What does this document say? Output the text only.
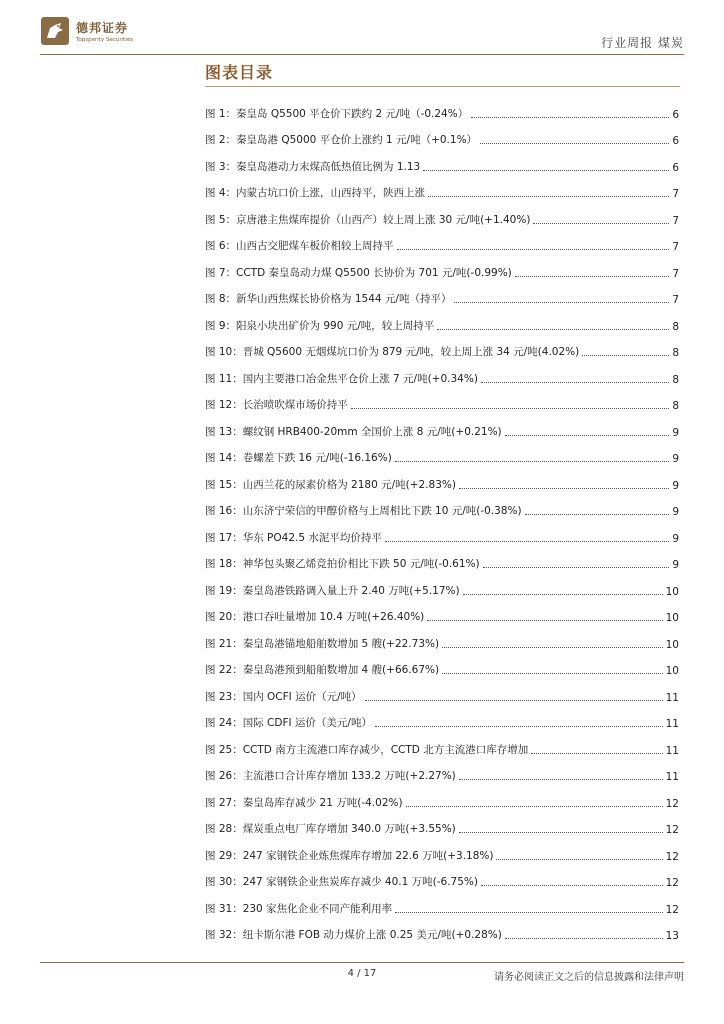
德邦证券
Topsperity Securities	行业周报 煤炭
图表目录
图 1：秦皇岛 Q5500 平仓价下跌约 2 元/吨（-0.24%）	6
图 2：秦皇岛港 Q5000 平仓价上涨约 1 元/吨（+0.1%）	6
图 3：秦皇岛港动力末煤高低热值比例为 1.13	6
图 4：内蒙古坑口价上涨，山西持平，陕西上涨	7
图 5：京唐港主焦煤库提价（山西产）较上周上涨 30 元/吨(+1.40%)	7
图 6：山西古交肥煤车板价相较上周持平	7
图 7：CCTD 秦皇岛动力煤 Q5500 长协价为 701 元/吨(-0.99%)	7
图 8：新华山西焦煤长协价格为 1544 元/吨（持平）	7
图 9：阳泉小块出矿价为 990 元/吨，较上周持平	8
图 10：晋城 Q5600 无烟煤坑口价为 879 元/吨，较上周上涨 34 元/吨(4.02%)	8
图 11：国内主要港口冶金焦平仓价上涨 7 元/吨(+0.34%)	8
图 12：长治喷吹煤市场价持平	8
图 13：螺纹钢 HRB400-20mm 全国价上涨 8 元/吨(+0.21%)	9
图 14：卷螺差下跌 16 元/吨(-16.16%)	9
图 15：山西兰花的尿素价格为 2180 元/吨(+2.83%)	9
图 16：山东济宁荣信的甲醇价格与上周相比下跌 10 元/吨(-0.38%)	9
图 17：华东 PO42.5 水泥平均价持平	9
图 18：神华包头聚乙烯竞拍价相比下跌 50 元/吨(-0.61%)	9
图 19：秦皇岛港铁路调入量上升 2.40 万吨(+5.17%)	10
图 20：港口吞吐量增加 10.4 万吨(+26.40%)	10
图 21：秦皇岛港锚地船舶数增加 5 艘(+22.73%)	10
图 22：秦皇岛港预到船舶数增加 4 艘(+66.67%)	10
图 23：国内 OCFI 运价（元/吨）	11
图 24：国际 CDFI 运价（美元/吨）	11
图 25：CCTD 南方主流港口库存减少，CCTD 北方主流港口库存增加	11
图 26：主流港口合计库存增加 133.2 万吨(+2.27%)	11
图 27：秦皇岛库存减少 21 万吨(-4.02%)	12
图 28：煤炭重点电厂库存增加 340.0 万吨(+3.55%)	12
图 29：247 家钢铁企业炼焦煤库存增加 22.6 万吨(+3.18%)	12
图 30：247 家钢铁企业焦炭库存减少 40.1 万吨(-6.75%)	12
图 31：230 家焦化企业不同产能利用率	12
图 32：纽卡斯尔港 FOB 动力煤价上涨 0.25 美元/吨(+0.28%)	13
4 / 17	请务必阅读正文之后的信息披露和法律声明
